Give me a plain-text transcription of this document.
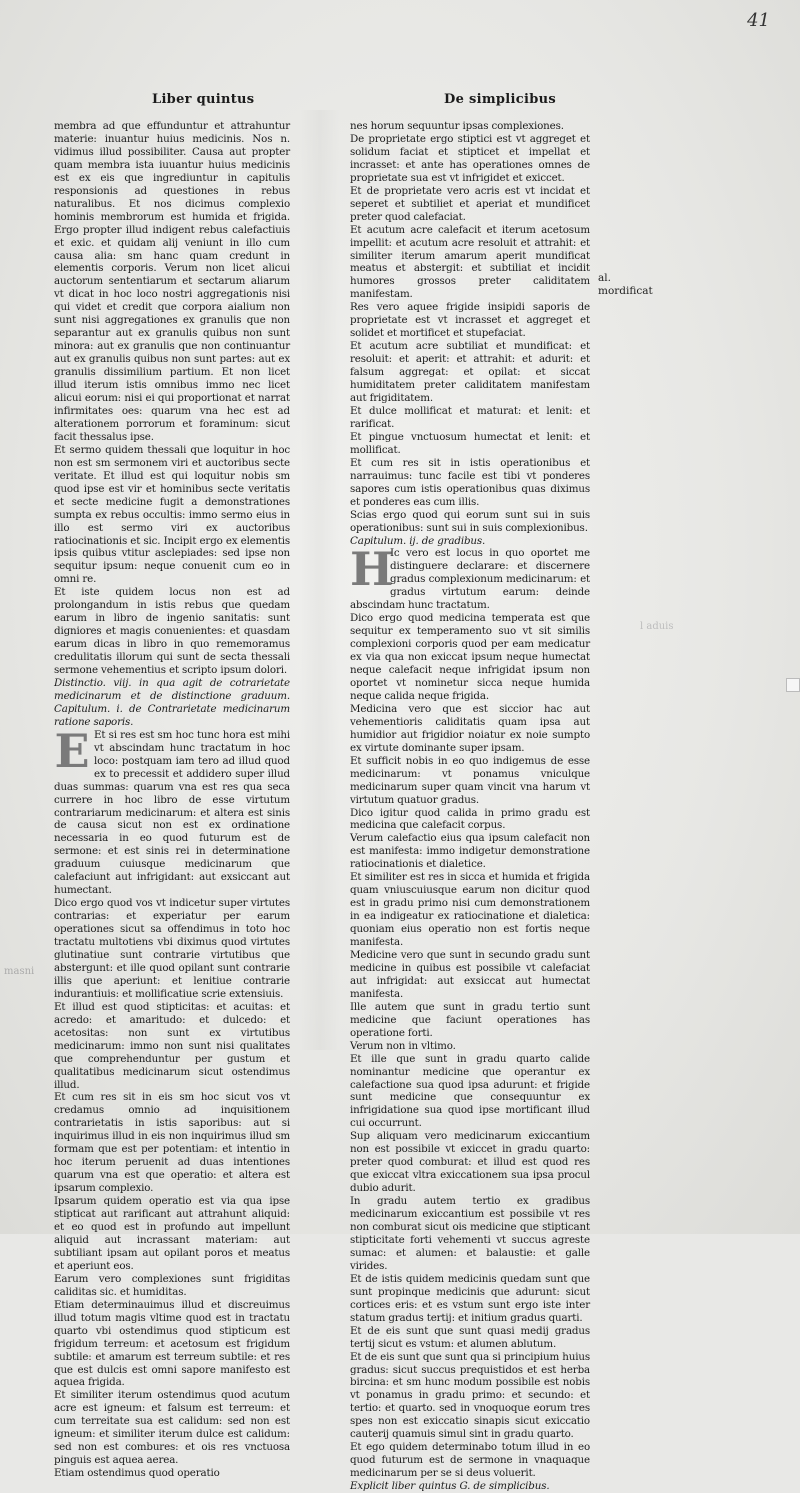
41
Liber quintus	De simplicibus

membra ad que effunduntur et attrahuntur materie: inuantur huius medicinis. Nos n. vidimus illud possibiliter. Causa aut propter quam membra ista iuuantur huius medicinis est ex eis que ingrediuntur in capitulis responsionis ad questiones in rebus naturalibus. Et nos dicimus complexio hominis membrorum est humida et frigida. Ergo propter illud indigent rebus calefactiuis et exic. et quidam alij veniunt in illo cum causa alia: sm hanc quam credunt in elementis corporis. Verum non licet alicui auctorum sententiarum et sectarum aliarum vt dicat in hoc loco nostri aggregationis nisi qui videt et credit que corpora aialium non sunt nisi aggregationes ex granulis que non separantur aut ex granulis quibus non sunt minora: aut ex granulis que non continuantur aut ex granulis quibus non sunt partes: aut ex granulis dissimilium partium. Et non licet illud iterum istis omnibus immo nec licet alicui eorum: nisi ei qui proportionat et narrat infirmitates oes: quarum vna hec est ad alterationem porrorum et foraminum: sicut facit thessalus ipse.

Et sermo quidem thessali que loquitur in hoc non est sm sermonem viri et auctoribus secte veritate. Et illud est qui loquitur nobis sm quod ipse est vir et hominibus secte veritatis et secte medicine fugit a demonstrationes sumpta ex rebus occultis: immo sermo eius in illo est sermo viri ex auctoribus ratiocinationis et sic. Incipit ergo ex elementis ipsis quibus vtitur asclepiades: sed ipse non sequitur ipsum: neque conuenit cum eo in omni re.

Et iste quidem locus non est ad prolongandum in istis rebus que quedam earum in libro de ingenio sanitatis: sunt digniores et magis conuenientes: et quasdam earum dicas in libro in quo rememoramus credulitatis illorum qui sunt de secta thessali sermone vehementius et scripto ipsum dolori.

Distinctio. viij. in qua agit de cotrarietate medicinarum et de distinctione graduum. Capitulum. i. de Contrarietate medicinarum ratione saporis.

E Et si res est sm hoc tunc hora est mihi vt abscindam hunc tractatum in hoc loco: postquam iam tero ad illud quod ex to precessit et addidero super illud duas summas: quarum vna est res qua seca currere in hoc libro de esse virtutum contrariarum medicinarum: et altera est sinis de causa sicut non est ex ordinatione necessaria in eo quod futurum est de sermone: et est sinis rei in determinatione graduum cuiusque medicinarum que calefaciunt aut infrigidant: aut exsiccant aut humectant.

Dico ergo quod vos vt indicetur super virtutes contrarias: et experiatur per earum operationes sicut sa offendimus in toto hoc tractatu multotiens vbi diximus quod virtutes glutinatiue sunt contrarie virtutibus que abstergunt: et ille quod opilant sunt contrarie illis que aperiunt: et lenitiue contrarie indurantiuis: et mollificatiue scrie extensiuis.

Et illud est quod stipticitas: et acuitas: et acredo: et amaritudo: et dulcedo: et acetositas: non sunt ex virtutibus medicinarum: immo non sunt nisi qualitates que comprehenduntur per gustum et qualitatibus medicinarum sicut ostendimus illud.

Et cum res sit in eis sm hoc sicut vos vt credamus omnio ad inquisitionem contrarietatis in istis saporibus: aut si inquirimus illud in eis non inquirimus illud sm formam que est per potentiam: et intentio in hoc iterum peruenit ad duas intentiones quarum vna est que operatio: et altera est ipsarum complexio.

Ipsarum quidem operatio est via qua ipse stipticat aut rarificant aut attrahunt aliquid: et eo quod est in profundo aut impellunt aliquid aut incrassant materiam: aut subtiliant ipsam aut opilant poros et meatus et aperiunt eos.

Earum vero complexiones sunt frigiditas caliditas sic. et humiditas.

Etiam determinauimus illud et discreuimus illud totum magis vltime quod est in tractatu quarto vbi ostendimus quod stipticum est frigidum terreum: et acetosum est frigidum subtile: et amarum est terreum subtile: et res que est dulcis est omni sapore manifesto est aquea frigida.

Et similiter iterum ostendimus quod acutum acre est igneum: et falsum est terreum: et cum terreitate sua est calidum: sed non est igneum: et similiter iterum dulce est calidum: sed non est combures: et ois res vnctuosa pinguis est aquea aerea.

Etiam ostendimus quod operatio

nes horum sequuntur ipsas complexiones.

De proprietate ergo stiptici est vt aggreget et solidum faciat et stipticet et impellat et incrasset: et ante has operationes omnes de proprietate sua est vt infrigidet et exiccet.

Et de proprietate vero acris est vt incidat et seperet et subtiliet et aperiat et mundificet preter quod calefaciat.

Et acutum acre calefacit et iterum acetosum impellit: et acutum acre resoluit et attrahit: et similiter iterum amarum aperit mundificat meatus et abstergit: et subtiliat et incidit humores grossos preter caliditatem manifestam.

Res vero aquee frigide insipidi saporis de proprietate est vt incrasset et aggreget et solidet et mortificet et stupefaciat.

Et acutum acre subtiliat et mundificat: et resoluit: et aperit: et attrahit: et adurit: et falsum aggregat: et opilat: et siccat humiditatem preter caliditatem manifestam aut frigiditatem.

Et dulce mollificat et maturat: et lenit: et rarificat.

Et pingue vnctuosum humectat et lenit: et mollificat.

Et cum res sit in istis operationibus et narrauimus: tunc facile est tibi vt ponderes sapores cum istis operationibus quas diximus et ponderes eas cum illis.

Scias ergo quod qui eorum sunt sui in suis operationibus: sunt sui in suis complexionibus.

Capitulum. ij. de gradibus.

H
Ic vero est locus in quo oportet me distinguere declarare: et discernere gradus complexionum medicinarum: et gradus virtutum earum: deinde abscindam hunc tractatum.

Dico ergo quod medicina temperata est que sequitur ex temperamento suo vt sit similis complexioni corporis quod per eam medicatur ex via qua non exiccat ipsum neque humectat neque calefacit neque infrigidat ipsum non oportet vt nominetur sicca neque humida neque calida neque frigida.

Medicina vero que est siccior hac aut vehementioris caliditatis quam ipsa aut humidior aut frigidior noiatur ex noie sumpto ex virtute dominante super ipsam.

Et sufficit nobis in eo quo indigemus de esse medicinarum: vt ponamus vniculque medicinarum super quam vincit vna harum vt virtutum quatuor gradus.

Dico igitur quod calida in primo gradu est medicina que calefacit corpus.

Verum calefactio eius qua ipsum calefacit non est manifesta: immo indigetur demonstratione ratiocinationis et dialetice.

Et similiter est res in sicca et humida et frigida quam vniuscuiusque earum non dicitur quod est in gradu primo nisi cum demonstrationem in ea indigeatur ex ratiocinatione et dialetica: quoniam eius operatio non est fortis neque manifesta.

Medicine vero que sunt in secundo gradu sunt medicine in quibus est possibile vt calefaciat aut infrigidat: aut exsiccat aut humectat manifesta.

Ille autem que sunt in gradu tertio sunt medicine que faciunt operationes has operatione forti.

Verum non in vltimo.

Et ille que sunt in gradu quarto calide nominantur medicine que operantur ex calefactione sua quod ipsa adurunt: et frigide sunt medicine que consequuntur ex infrigidatione sua quod ipse mortificant illud cui occurrunt.

Sup aliquam vero medicinarum exiccantium non est possibile vt exiccet in gradu quarto: preter quod comburat: et illud est quod res que exiccat vltra exiccationem sua ipsa procul dubio adurit.

In gradu autem tertio ex gradibus medicinarum exiccantium est possibile vt res non comburat sicut ois medicine que stipticant stipticitate forti vehementi vt succus agreste sumac: et alumen: et balaustie: et galle virides.

Et de istis quidem medicinis quedam sunt que sunt propinque medicinis que adurunt: sicut cortices eris: et es vstum sunt ergo iste inter statum gradus tertij: et initium gradus quarti.

Et de eis sunt que sunt quasi medij gradus tertij sicut es vstum: et alumen ablutum.

Et de eis sunt que sunt qua si principium huius gradus: sicut succus prequistidos et est herba bircina: et sm hunc modum possibile est nobis vt ponamus in gradu primo: et secundo: et tertio: et quarto. sed in vnoquoque eorum tres spes non est exiccatio sinapis sicut exiccatio cauterij quamuis simul sint in gradu quarto.

Et ego quidem determinabo totum illud in eo quod futurum est de sermone in vnaquaque medicinarum per se si deus voluerit.

Explicit liber quintus G. de simplicibus.

al. mordificat
masni
l aduis
